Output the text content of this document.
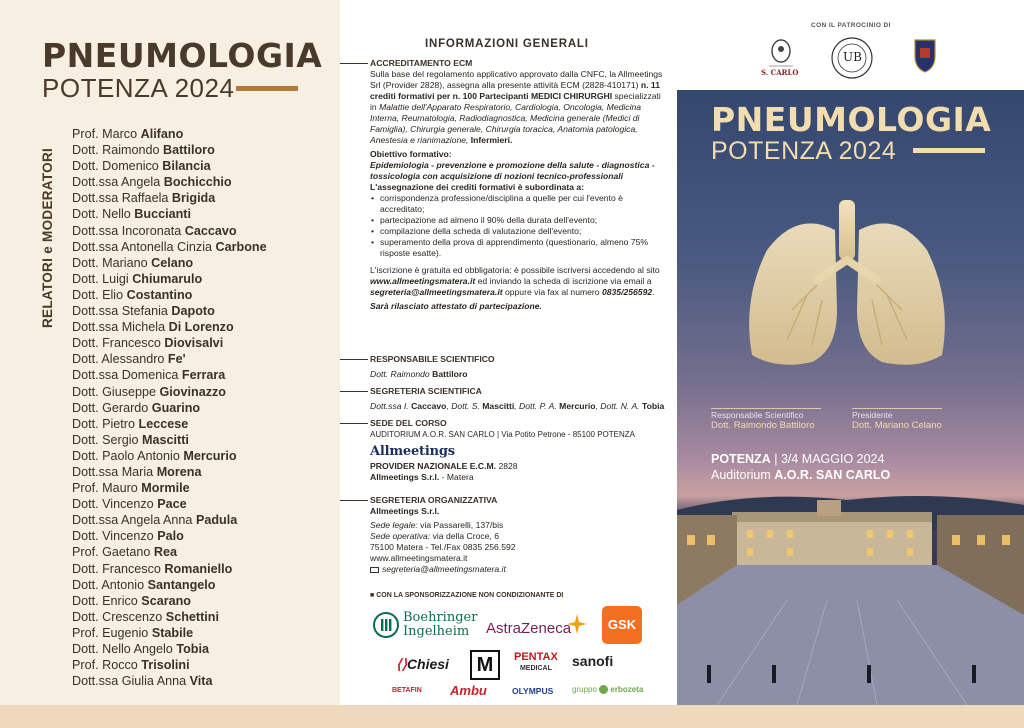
PNEUMOLOGIA
POTENZA 2024
RELATORI e MODERATORI
Prof. Marco Alifano
Dott. Raimondo Battiloro
Dott. Domenico Bilancia
Dott.ssa Angela Bochicchio
Dott.ssa Raffaela Brigida
Dott. Nello Buccianti
Dott.ssa Incoronata Caccavo
Dott.ssa Antonella Cinzia Carbone
Dott. Mariano Celano
Dott. Luigi Chiumarulo
Dott. Elio Costantino
Dott.ssa Stefania Dapoto
Dott.ssa Michela Di Lorenzo
Dott. Francesco Diovisalvi
Dott. Alessandro Fe'
Dott.ssa Domenica Ferrara
Dott. Giuseppe Giovinazzo
Dott. Gerardo Guarino
Dott. Pietro Leccese
Dott. Sergio Mascitti
Dott. Paolo Antonio Mercurio
Dott.ssa Maria Morena
Prof. Mauro Mormile
Dott. Vincenzo Pace
Dott.ssa Angela Anna Padula
Dott. Vincenzo Palo
Prof. Gaetano Rea
Dott. Francesco Romaniello
Dott. Antonio Santangelo
Dott. Enrico Scarano
Dott. Crescenzo Schettini
Prof. Eugenio Stabile
Dott. Nello Angelo Tobia
Prof. Rocco Trisolini
Dott.ssa Giulia Anna Vita
INFORMAZIONI GENERALI
ACCREDITAMENTO ECM

Sulla base del regolamento applicativo approvato dalla CNFC, la Allmeetings Srl (Provider 2828), assegna alla presente attività ECM (2828-410171) n. 11 crediti formativi per n. 100 Partecipanti MEDICI CHIRURGHI specializzati in Malattie dell'Apparato Respiratorio, Cardiologia, Oncologia, Medicina Interna, Reumatologia, Radiodiagnostica, Medicina generale (Medici di Famiglia), Chirurgia generale, Chirurgia toracica, Anatomia patologica, Anestesia e rianimazione, Infermieri.

Obiettivo formativo:

Epidemiologia - prevenzione e promozione della salute - diagnostica - tossicologia con acquisizione di nozioni tecnico-professionali

L'assegnazione dei crediti formativi è subordinata a:

• corrispondenza professione/disciplina a quelle per cui l'evento è accreditato;
• partecipazione ad almeno il 90% della durata dell'evento;
• compilazione della scheda di valutazione dell'evento;
• superamento della prova di apprendimento (questionario, almeno 75% risposte esatte).

L'iscrizione è gratuita ed obbligatoria: è possibile iscriversi accedendo al sito www.allmeetingsmatera.it ed inviando la scheda di iscrizione via email a segreteria@allmeetingsmatera.it oppure via fax al numero 0835/256592.

Sarà rilasciato attestato di partecipazione.

RESPONSABILE SCIENTIFICO

Dott. Raimondo Battiloro

SEGRETERIA SCIENTIFICA

Dott.ssa I. Caccavo, Dott. S. Mascitti, Dott. P. A. Mercurio, Dott. N. A. Tobia

SEDE DEL CORSO

AUDITORIUM A.O.R. SAN CARLO | Via Potito Petrone - 85100 POTENZA

Allmeetings

PROVIDER NAZIONALE E.C.M. 2828

Allmeetings S.r.l. - Matera

SEGRETERIA ORGANIZZATIVA

Allmeetings S.r.l.

Sede legale: via Passarelli, 137/bis

Sede operativa: via della Croce, 6

75100 Matera - Tel./Fax 0835 256.592

www.allmeetingsmatera.it

segreteria@allmeetingsmatera.it

■ CON LA SPONSORIZZAZIONE NON CONDIZIONANTE DI
Boehringer
Ingelheim	AstraZeneca	GSK
⟨⟩Chiesi	M	PENTAX
MEDICAL	sanofi
BETAFIN Ambu	OLYMPUS gruppo erbozeta
CON IL PATROCINIO DI
S. CARLO
UB
PNEUMOLOGIA
POTENZA 2024
Responsabile Scientifico
Dott. Raimondo Battiloro
Presidente
Dott. Mariano Celano
POTENZA | 3/4 MAGGIO 2024
Auditorium A.O.R. SAN CARLO
